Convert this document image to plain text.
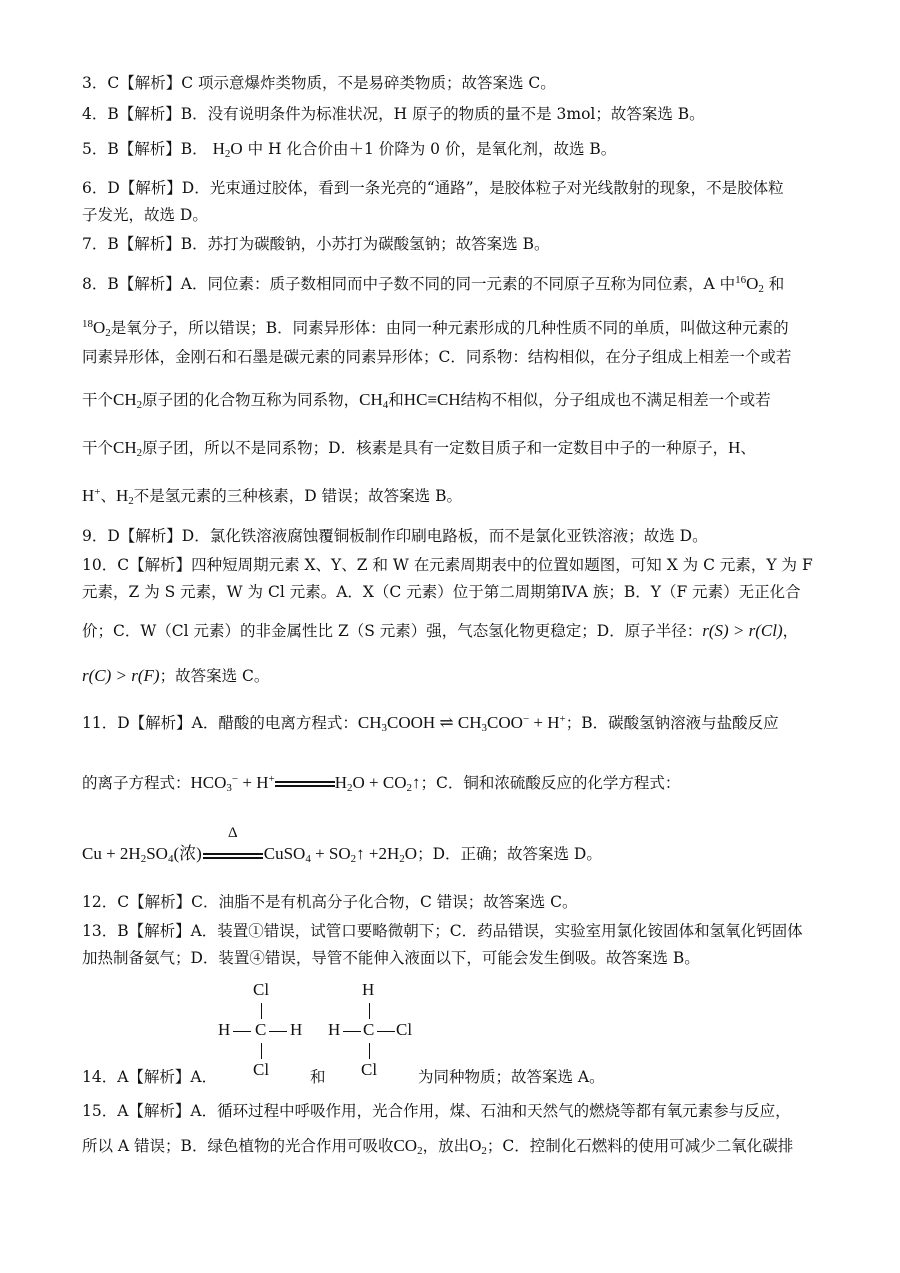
3．C【解析】C 项示意爆炸类物质，不是易碎类物质；故答案选 C。
4．B【解析】B．没有说明条件为标准状况，H 原子的物质的量不是 3mol；故答案选 B。
5．B【解析】B． $H_2O$ 中 H 化合价由＋1 价降为 0 价，是氧化剂，故选 B。
6．D【解析】D．光束通过胶体，看到一条光亮的“通路”，是胶体粒子对光线散射的现象，不是胶体粒
子发光，故选 D。
7．B【解析】B．苏打为碳酸钠，小苏打为碳酸氢钠；故答案选 B。
8．B【解析】A．同位素：质子数相同而中子数不同的同一元素的不同原子互称为同位素，A 中$^{16}O_2$ 和
$^{18}O_2$是氧分子，所以错误；B．同素异形体：由同一种元素形成的几种性质不同的单质，叫做这种元素的
同素异形体，金刚石和石墨是碳元素的同素异形体；C．同系物：结构相似，在分子组成上相差一个或若
干个$CH_2$原子团的化合物互称为同系物，$CH_4$和HC≡CH结构不相似，分子组成也不满足相差一个或若
干个$CH_2$原子团，所以不是同系物；D．核素是具有一定数目质子和一定数目中子的一种原子，H、
H+、$H_2$不是氢元素的三种核素，D 错误；故答案选 B。
9．D【解析】D．氯化铁溶液腐蚀覆铜板制作印刷电路板，而不是氯化亚铁溶液；故选 D。
10．C【解析】四种短周期元素 X、Y、Z 和 W 在元素周期表中的位置如题图，可知 X 为 C 元素，Y 为 F
元素，Z 为 S 元素，W 为 Cl 元素。A．X（C 元素）位于第二周期第ⅣA 族；B．Y（F 元素）无正化合
价；C．W（Cl 元素）的非金属性比 Z（S 元素）强，气态氢化物更稳定；D．原子半径：r(S) > r(Cl)，
r(C) > r(F)；故答案选 C。
11．D【解析】A．醋酸的电离方程式：$CH_3COOH$ ⇌ $CH_3COO^- + H^+$；B．碳酸氢钠溶液与盐酸反应
的离子方程式：$HCO_3^- + H^+$	$H_2O$ + $CO_2↑$；C．铜和浓硫酸反应的化学方程式：
$Cu + 2H_2SO_4$(浓)
Δ
CuSO$_4$ + $SO_2↑ +2H_2O$；D．正确；故答案选 D。
12．C【解析】C．油脂不是有机高分子化合物，C 错误；故答案选 C。
13．B【解析】A．装置①错误，试管口要略微朝下；C．药品错误，实验室用氯化铵固体和氢氧化钙固体
加热制备氨气；D．装置④错误，导管不能伸入液面以下，可能会发生倒吸。故答案选 B。
Cl
H C H
Cl
H
H C Cl
Cl
14．A【解析】A．	和	为同种物质；故答案选 A。
15．A【解析】A．循环过程中呼吸作用，光合作用，煤、石油和天然气的燃烧等都有氧元素参与反应，
所以 A 错误；B．绿色植物的光合作用可吸收$CO_2$，放出$O_2$；C．控制化石燃料的使用可减少二氧化碳排
